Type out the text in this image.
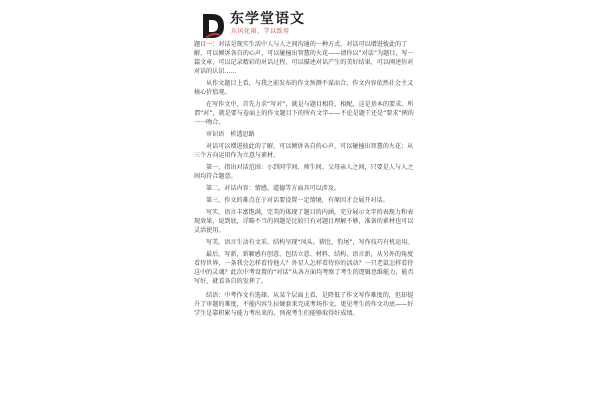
东学堂语文
东风化雨，学以致用

题目一：对话是现实生活中人与人之间沟通的一种方式。对话可以增进彼此的了解，可以倾诉各自的心声，可以碰撞出智慧的火花——请你以“对话”为题目，写一篇文章，可以记录精彩的对话过程，可以描述对话产生的美好结果，可以阐述你对对话的认识……

从作文题目上看，与我之前发布的作文预测不谋而合，作文内容依然社会主义核心价值观。

在写作文中，首先力求“写对”，就是与题目相符、相配，这是基本的要求。所谓“对”，就是要与卷面上的作文题目下的所有文字——不论是题干还是“要求”例的一一吻合。

审识语　析透思路

对话可以增进彼此的了解，可以倾诉各自的心声，可以碰撞出智慧的火花；从三个方向运用作为立意与素材。

第一，指出对话范围：小到同学间、师生间、父母亲人之间，只要是人与人之间均符合题意。

第二，对话内容：情感、道德等方面具可以涉及。

第三，作文的难点在于对话要设置一定情境，有原因才会展开对话。

写实，语言丰富饱满，完美的体现了题目的内涵，充分展示文字的表现力和表现效果，说到底，详略不当的问题是比较只有对题目理解不够，准备的素材也可以灵活使用。

写美，语言生动有文采、结构呈现“凤头、猪肚、豹尾”，写作技巧有机运用。

最后，写新，新颖感有创意，包括立意、材料、结构、语言新，从另外的角度看待世界，一条我会怎样看待他人？外星人怎样看待你的活动？一只老鼠怎样看待这中的灵魂？此次中考设置的“对话”从各方面均考察了考生的逻辑思维能力，能否写好，就看各自的发挥了。

结语：中考作文有选择。从某个层面上看，是降低了作文写作难度的，但却提升了审题的难度，不能内容生拉硬套来完成考场作文。更见考生的作文功底——好学生是靠积累与能力考出来的，预祝考生们能够取得好成绩。
